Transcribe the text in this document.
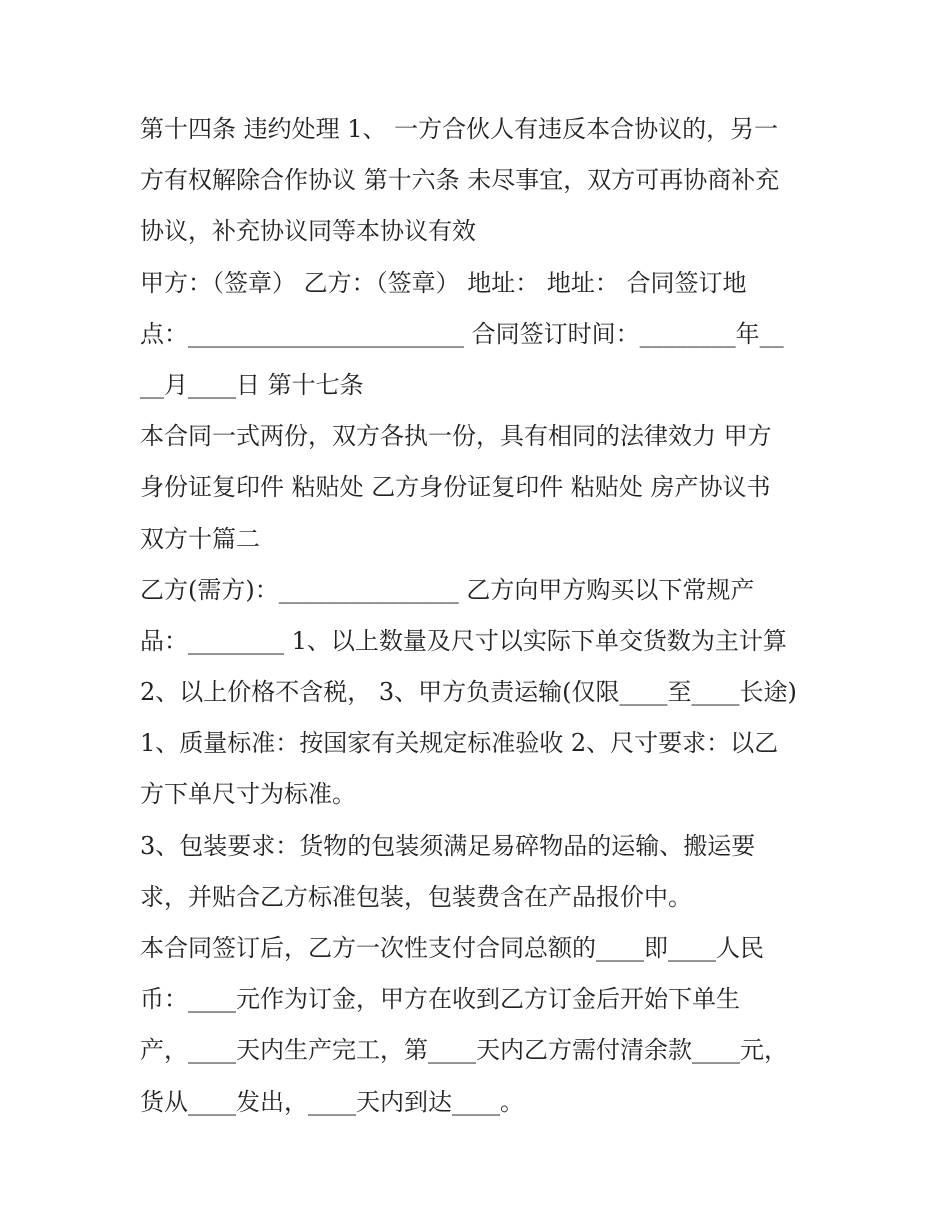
第十四条 违约处理 1、 一方合伙人有违反本合协议的，另一

方有权解除合作协议 第十六条 未尽事宜，双方可再协商补充

协议，补充协议同等本协议有效

甲方：（签章） 乙方：（签章） 地址： 地址： 合同签订地

点：_______________________ 合同签订时间：________年__

__月____日 第十七条

本合同一式两份，双方各执一份，具有相同的法律效力 甲方

身份证复印件 粘贴处 乙方身份证复印件 粘贴处 房产协议书

双方十篇二

乙方(需方)：_______________ 乙方向甲方购买以下常规产

品：________ 1、以上数量及尺寸以实际下单交货数为主计算

2、以上价格不含税， 3、甲方负责运输(仅限____至____长途)

1、质量标准：按国家有关规定标准验收 2、尺寸要求：以乙

方下单尺寸为标准。

3、包装要求：货物的包装须满足易碎物品的运输、搬运要

求，并贴合乙方标准包装，包装费含在产品报价中。

本合同签订后，乙方一次性支付合同总额的____即____人民

币：____元作为订金，甲方在收到乙方订金后开始下单生

产，____天内生产完工，第____天内乙方需付清余款____元，

货从____发出，____天内到达____。
